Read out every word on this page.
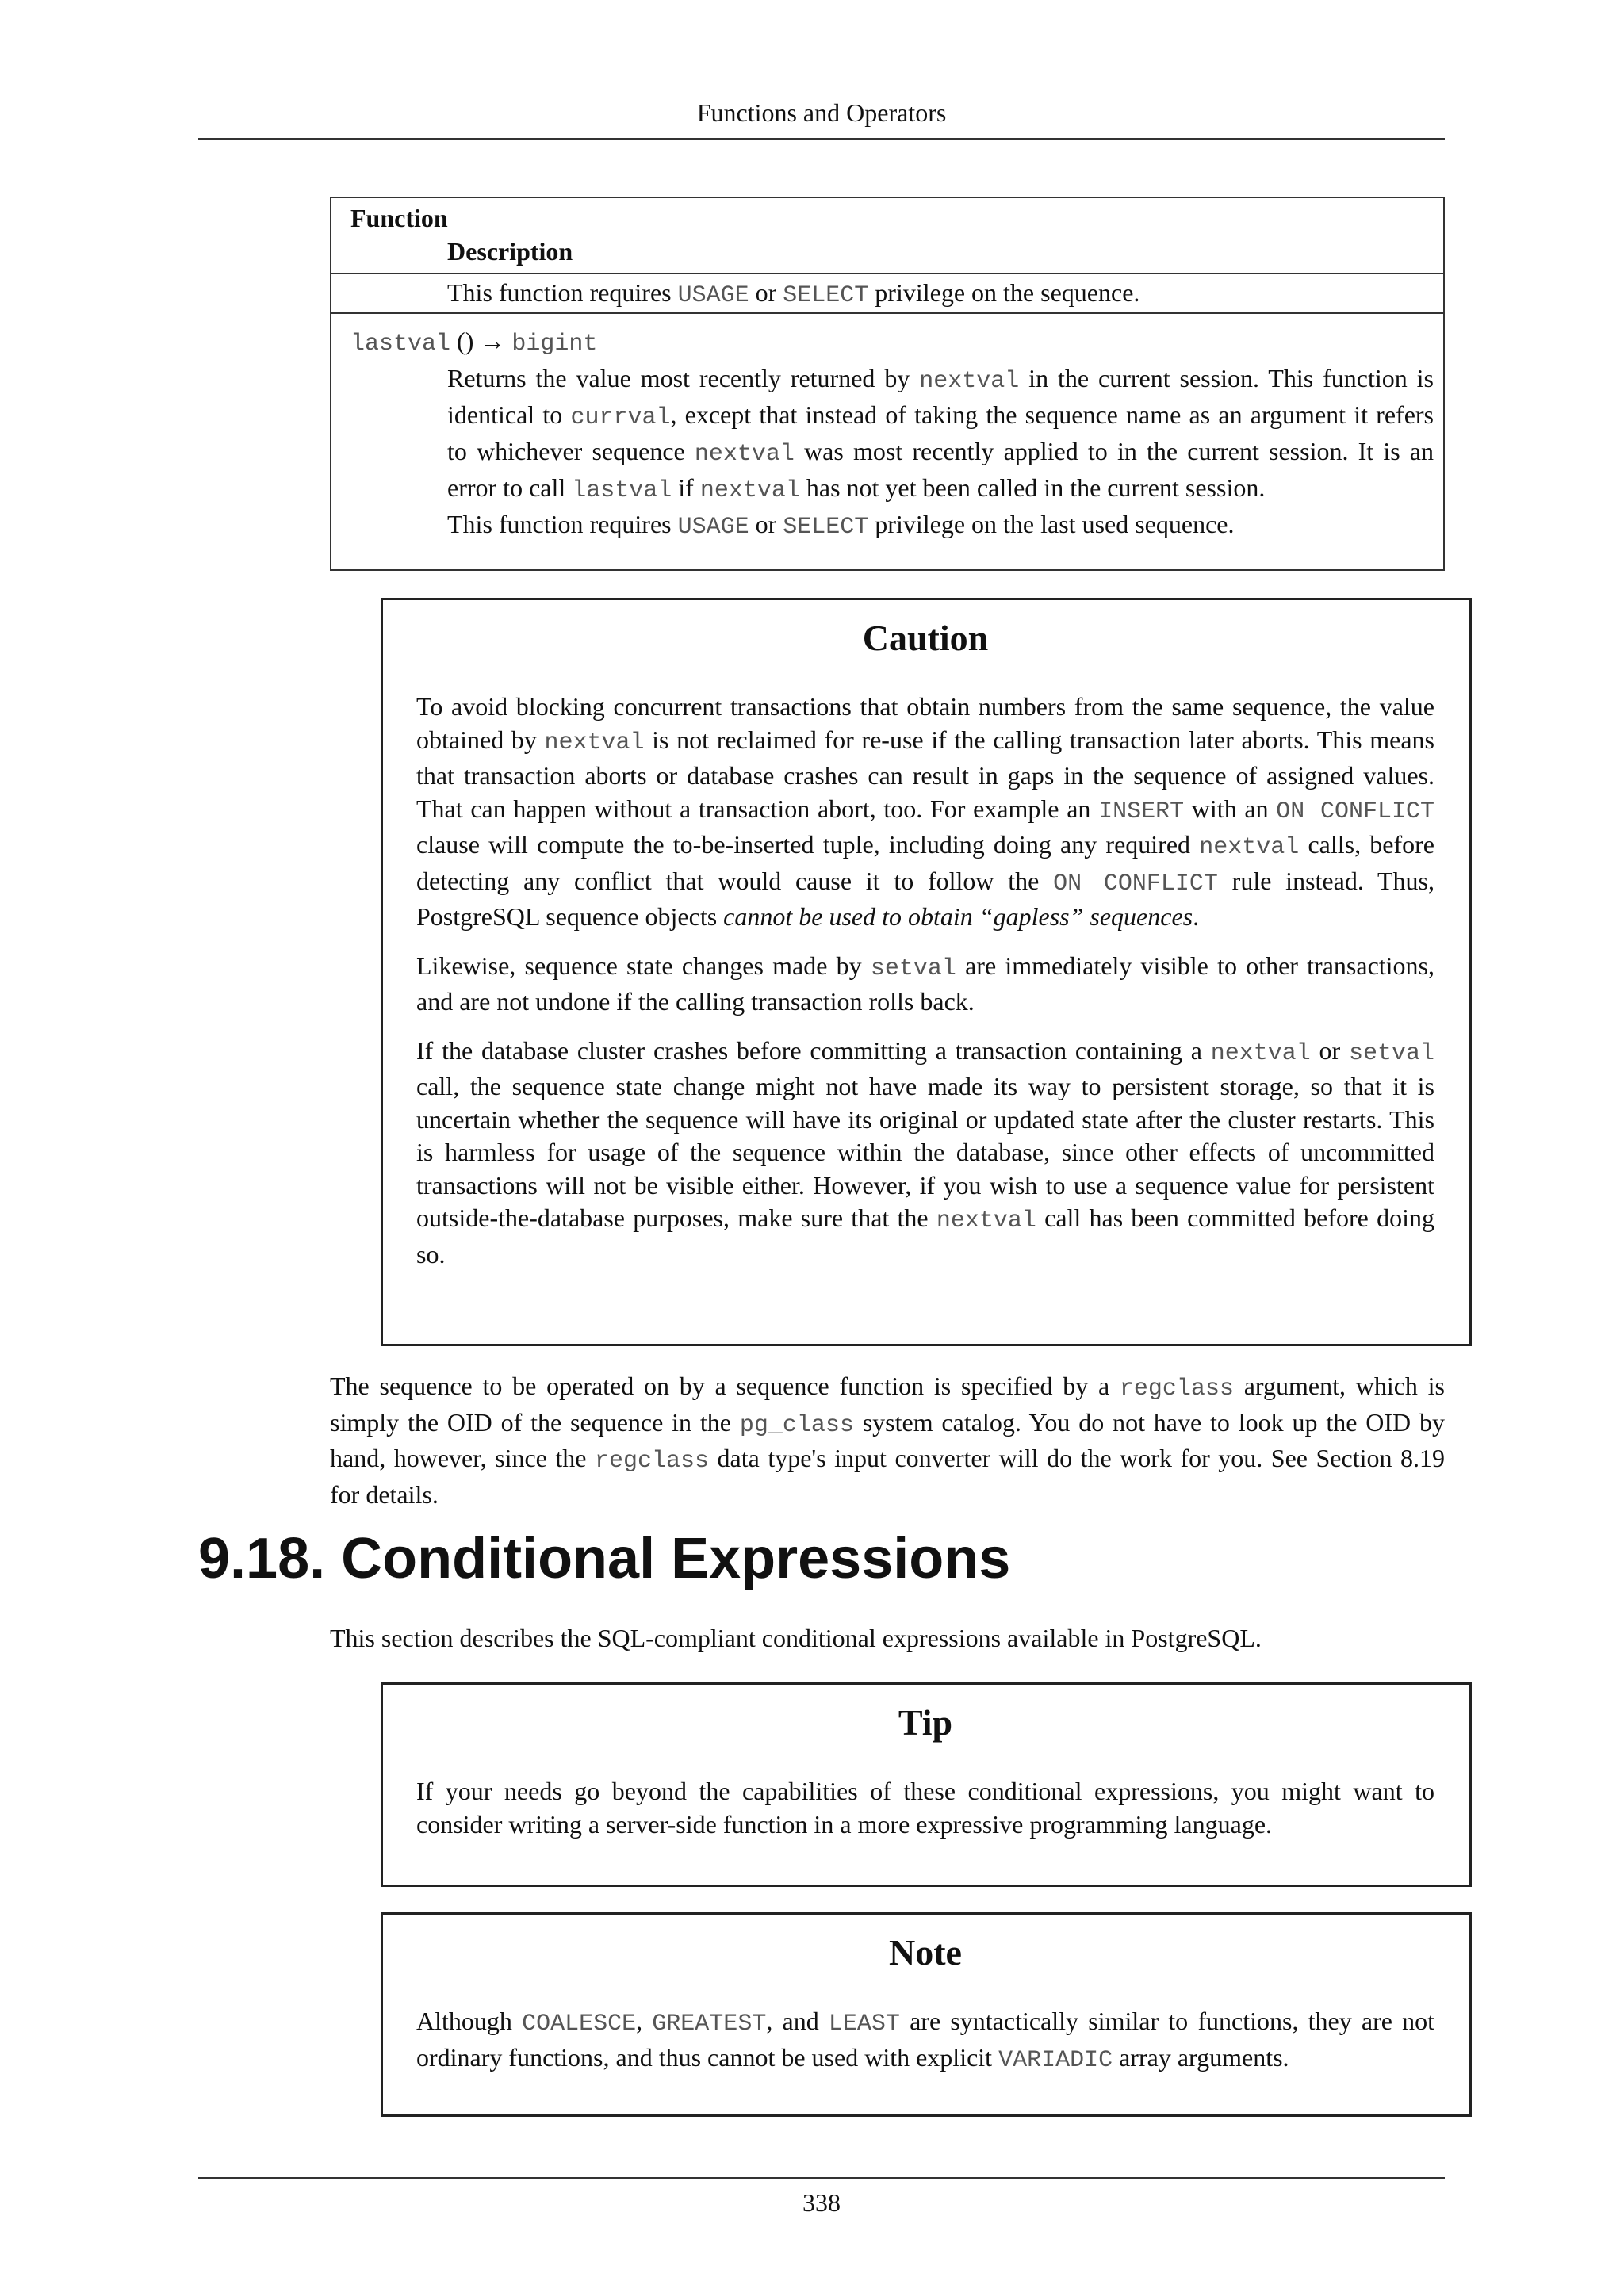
Functions and Operators
Function
Description
This function requires USAGE or SELECT privilege on the sequence.
lastval () → bigint
Returns the value most recently returned by nextval in the current session. This function is identical to currval, except that instead of taking the sequence name as an argument it refers to whichever sequence nextval was most recently applied to in the current session. It is an error to call lastval if nextval has not yet been called in the current session.
This function requires USAGE or SELECT privilege on the last used sequence.
Caution

To avoid blocking concurrent transactions that obtain numbers from the same sequence, the value obtained by nextval is not reclaimed for re-use if the calling transaction later aborts. This means that transaction aborts or database crashes can result in gaps in the sequence of assigned values. That can happen without a transaction abort, too. For example an INSERT with an ON CONFLICT clause will compute the to-be-inserted tuple, including doing any required nextval calls, before detecting any conflict that would cause it to follow the ON CONFLICT rule instead. Thus, PostgreSQL sequence objects cannot be used to obtain “gapless” sequences.

Likewise, sequence state changes made by setval are immediately visible to other transactions, and are not undone if the calling transaction rolls back.

If the database cluster crashes before committing a transaction containing a nextval or setval call, the sequence state change might not have made its way to persistent storage, so that it is uncertain whether the sequence will have its original or updated state after the cluster restarts. This is harmless for usage of the sequence within the database, since other effects of uncommitted transactions will not be visible either. However, if you wish to use a sequence value for persistent outside-the-database purposes, make sure that the nextval call has been committed before doing so.

The sequence to be operated on by a sequence function is specified by a regclass argument, which is simply the OID of the sequence in the pg_class system catalog. You do not have to look up the OID by hand, however, since the regclass data type's input converter will do the work for you. See Section 8.19 for details.

9.18. Conditional Expressions

This section describes the SQL-compliant conditional expressions available in PostgreSQL.

Tip

If your needs go beyond the capabilities of these conditional expressions, you might want to consider writing a server-side function in a more expressive programming language.

Note

Although COALESCE, GREATEST, and LEAST are syntactically similar to functions, they are not ordinary functions, and thus cannot be used with explicit VARIADIC array arguments.

338
